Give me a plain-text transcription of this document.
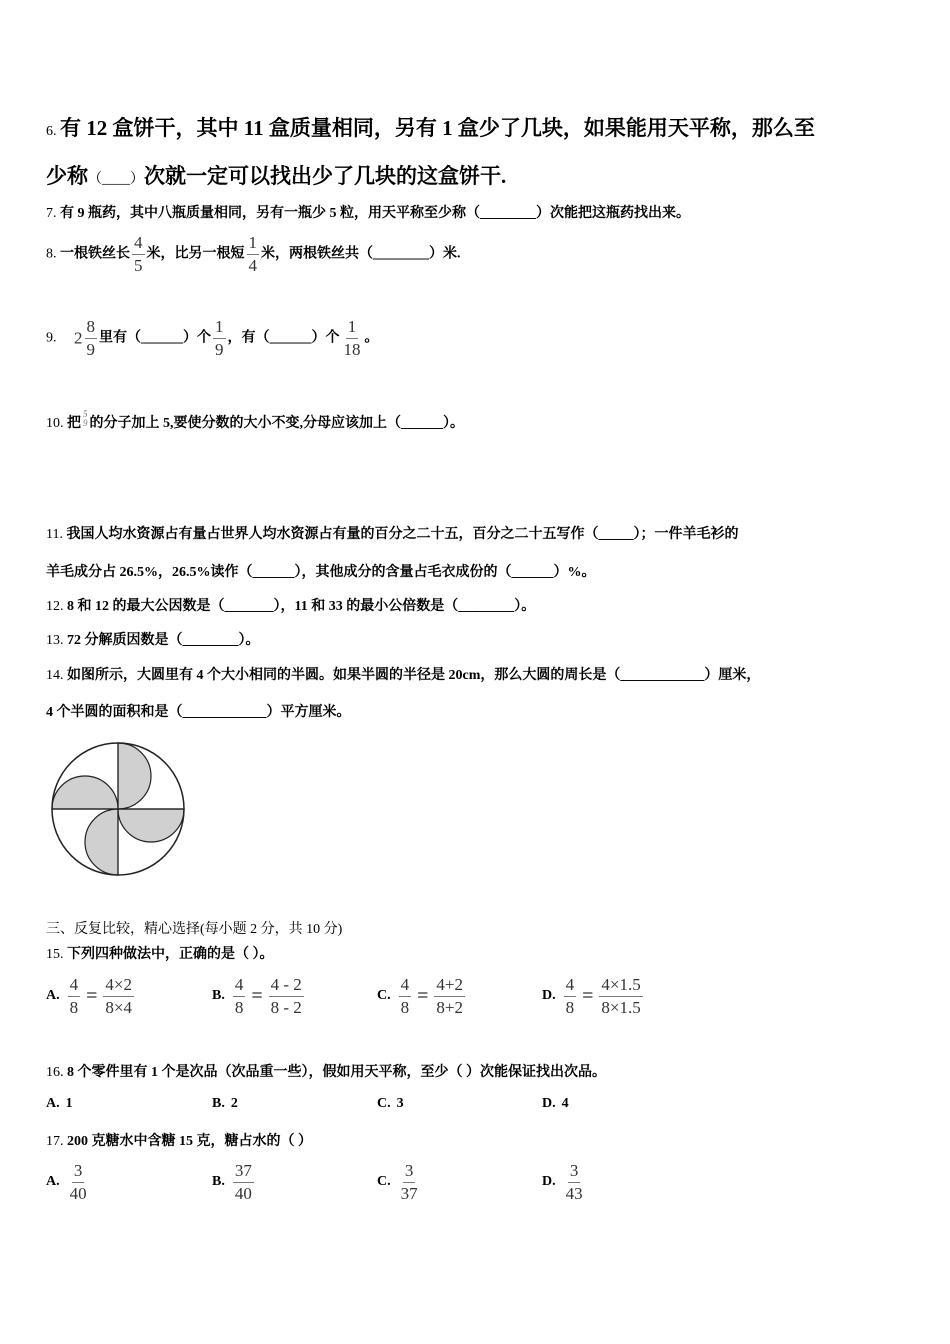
6. 有 12 盒饼干，其中 11 盒质量相同，另有 1 盒少了几块，如果能用天平称，那么至
少称（____）次就一定可以找出少了几块的这盒饼干.
7. 有 9 瓶药，其中八瓶质量相同，另有一瓶少 5 粒，用天平称至少称（________）次能把这瓶药找出来。
8. 一根铁丝长 $\frac{4}{5}$ 米，比另一根短 $\frac{1}{4}$ 米，两根铁丝共（________）米.
9. $2 \frac{8}{9}$ 里有（______）个 $\frac{1}{9}$ ，有（______）个 $\frac{1}{18}$ 。
10. 把
5
9 的分子加上 5,要使分数的大小不变,分母应该加上（______）。
11. 我国人均水资源占有量占世界人均水资源占有量的百分之二十五，百分之二十五写作（_____）；一件羊毛衫的
羊毛成分占 26.5%，26.5%读作（______），其他成分的含量占毛衣成份的（______）%。
12. 8 和 12 的最大公因数是（_______），11 和 33 的最小公倍数是（________）。
13. 72 分解质因数是（________）。
14. 如图所示，大圆里有 4 个大小相同的半圆。如果半圆的半径是 20cm，那么大圆的周长是（____________）厘米，
4 个半圆的面积和是（____________）平方厘米。
三、反复比较，精心选择(每小题 2 分，共 10 分)
15. 下列四种做法中，正确的是（ ）。
A. $\frac{4}{8} = \frac{4\times 2}{8\times 4}$	B. $\frac{4}{8} = \frac{4 - 2}{8 - 2}$	C. $\frac{4}{8} = \frac{4+2}{8+2}$	D. $\frac{4}{8} = \frac{4\times 1.5}{8\times 1.5}$
16. 8 个零件里有 1 个是次品（次品重一些），假如用天平称，至少（ ）次能保证找出次品。
A. 1	B. 2	C. 3	D. 4
17. 200 克糖水中含糖 15 克，糖占水的（ ）
A. $\frac{3}{40}$	B. $\frac{37}{40}$	C. $\frac{3}{37}$	D. $\frac{3}{43}$
